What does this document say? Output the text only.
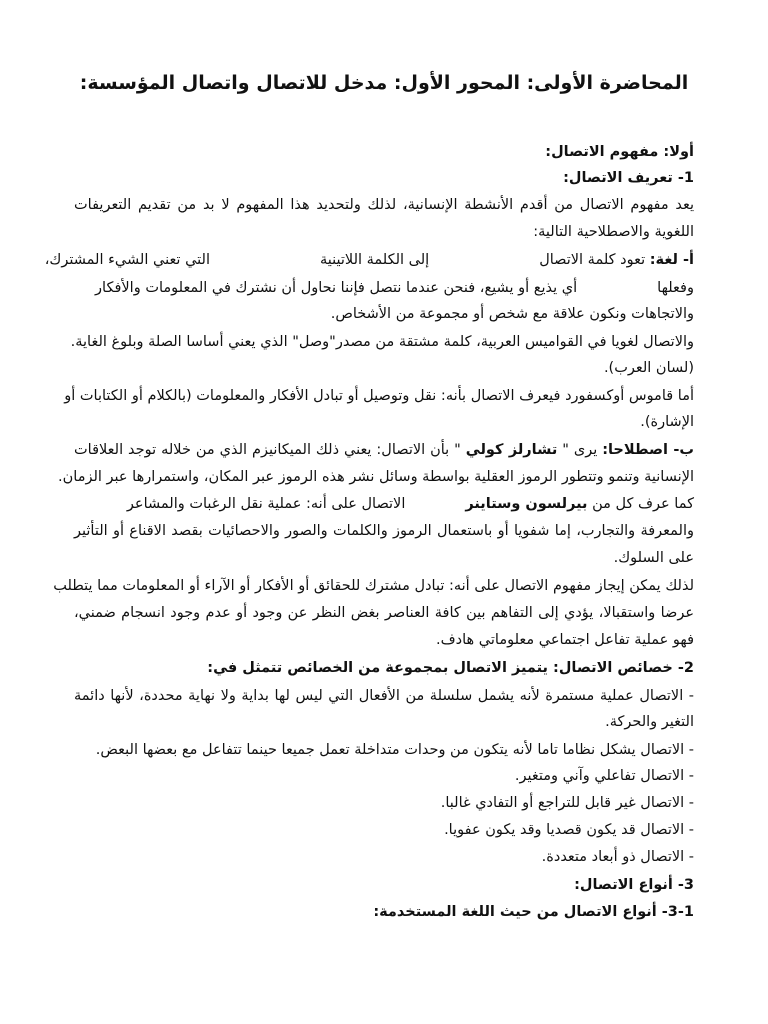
المحاضرة الأولى: المحور الأول: مدخل للاتصال واتصال المؤسسة:
أولا: مفهوم الاتصال:
1- تعريف الاتصال:
يعد مفهوم الاتصال من أقدم الأنشطة الإنسانية، لذلك ولتحديد هذا المفهوم لا بد من تقديم التعريفات
اللغوية والاصطلاحية التالية:
أ- لغة: تعود كلمة الاتصالإلى الكلمة اللاتينيةالتي تعني الشيء المشترك،
وفعلهاأي يذيع أو يشيع، فنحن عندما نتصل فإننا نحاول أن نشترك في المعلومات والأفكار
والاتجاهات ونكون علاقة مع شخص أو مجموعة من الأشخاص.
والاتصال لغويا في القواميس العربية، كلمة مشتقة من مصدر"وصل" الذي يعني أساسا الصلة وبلوغ الغاية.
(لسان العرب).
أما قاموس أوكسفورد فيعرف الاتصال بأنه: نقل وتوصيل أو تبادل الأفكار والمعلومات (بالكلام أو الكتابات أو
الإشارة).
ب- اصطلاحا: يرى " تشارلز كولي " بأن الاتصال: يعني ذلك الميكانيزم الذي من خلاله توجد العلاقات
الإنسانية وتنمو وتتطور الرموز العقلية بواسطة وسائل نشر هذه الرموز عبر المكان، واستمرارها عبر الزمان.
كما عرف كل من بيرلسون وستاينرالاتصال على أنه: عملية نقل الرغبات والمشاعر
والمعرفة والتجارب، إما شفويا أو باستعمال الرموز والكلمات والصور والاحصائيات بقصد الاقناع أو التأثير
على السلوك.
لذلك يمكن إيجاز مفهوم الاتصال على أنه: تبادل مشترك للحقائق أو الأفكار أو الآراء أو المعلومات مما يتطلب
عرضا واستقبالا، يؤدي إلى التفاهم بين كافة العناصر بغض النظر عن وجود أو عدم وجود انسجام ضمني،
فهو عملية تفاعل اجتماعي معلوماتي هادف.
2- خصائص الاتصال: يتميز الاتصال بمجموعة من الخصائص تتمثل في:
- الاتصال عملية مستمرة لأنه يشمل سلسلة من الأفعال التي ليس لها بداية ولا نهاية محددة، لأنها دائمة
التغير والحركة.
- الاتصال يشكل نظاما تاما لأنه يتكون من وحدات متداخلة تعمل جميعا حينما تتفاعل مع بعضها البعض.
- الاتصال تفاعلي وآني ومتغير.
- الاتصال غير قابل للتراجع أو التفادي غالبا.
- الاتصال قد يكون قصديا وقد يكون عفويا.
- الاتصال ذو أبعاد متعددة.
3- أنواع الاتصال:
3-1- أنواع الاتصال من حيث اللغة المستخدمة:
